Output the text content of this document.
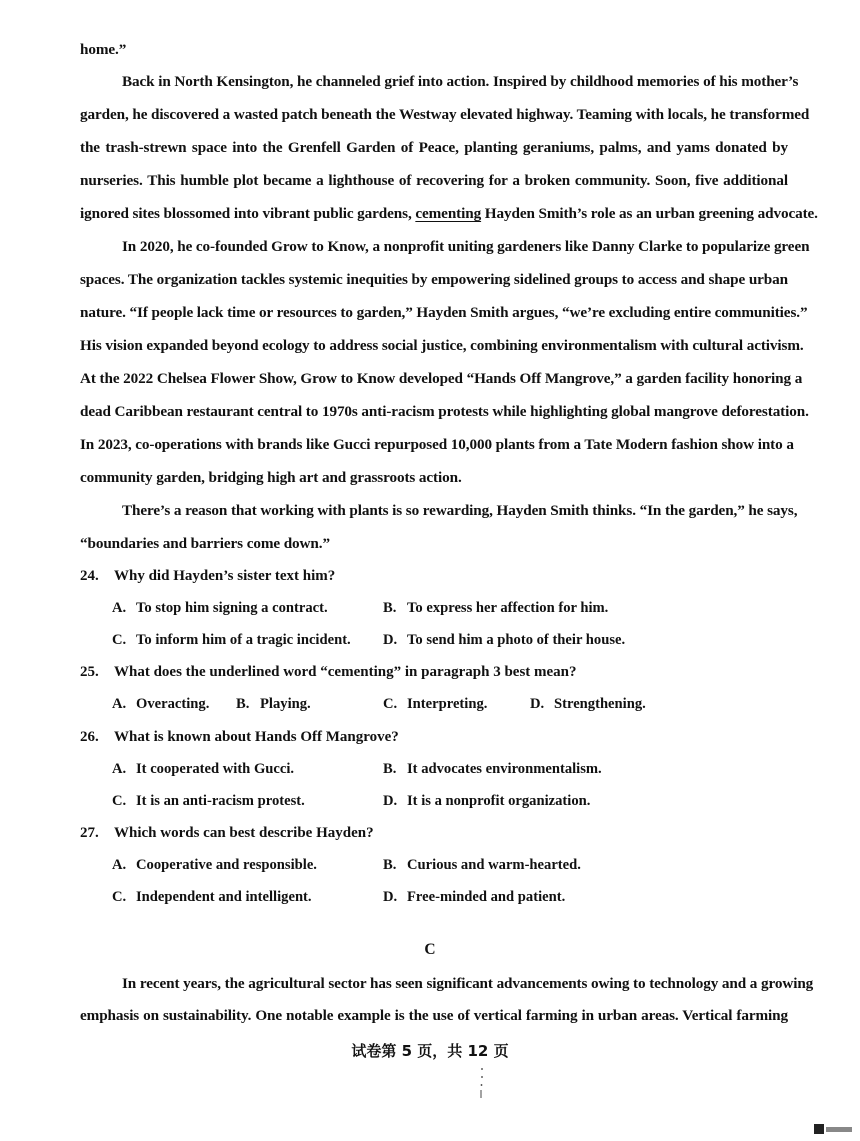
home.”
Back in North Kensington, he channeled grief into action. Inspired by childhood memories of his mother’s
garden, he discovered a wasted patch beneath the Westway elevated highway. Teaming with locals, he transformed
the trash-strewn space into the Grenfell Garden of Peace, planting geraniums, palms, and yams donated by
nurseries. This humble plot became a lighthouse of recovering for a broken community. Soon, five additional
ignored sites blossomed into vibrant public gardens, cementing Hayden Smith’s role as an urban greening advocate.
In 2020, he co-founded Grow to Know, a nonprofit uniting gardeners like Danny Clarke to popularize green
spaces. The organization tackles systemic inequities by empowering sidelined groups to access and shape urban
nature. “If people lack time or resources to garden,” Hayden Smith argues, “we’re excluding entire communities.”
His vision expanded beyond ecology to address social justice, combining environmentalism with cultural activism.
At the 2022 Chelsea Flower Show, Grow to Know developed “Hands Off Mangrove,” a garden facility honoring a
dead Caribbean restaurant central to 1970s anti-racism protests while highlighting global mangrove deforestation.
In 2023, co-operations with brands like Gucci repurposed 10,000 plants from a Tate Modern fashion show into a
community garden, bridging high art and grassroots action.
There’s a reason that working with plants is so rewarding, Hayden Smith thinks. “In the garden,” he says,
“boundaries and barriers come down.”
24. Why did Hayden’s sister text him?
A. To stop him signing a contract.	B. To express her affection for him.
C. To inform him of a tragic incident. D. To send him a photo of their house.
25. What does the underlined word “cementing” in paragraph 3 best mean?
A. Overacting. B. Playing.	C. Interpreting.	D. Strengthening.
26. What is known about Hands Off Mangrove?
A. It cooperated with Gucci.	B. It advocates environmentalism.
C. It is an anti-racism protest.	D. It is a nonprofit organization.
27. Which words can best describe Hayden?
A. Cooperative and responsible.	B. Curious and warm-hearted.
C. Independent and intelligent.	D. Free-minded and patient.
C
In recent years, the agricultural sector has seen significant advancements owing to technology and a growing
emphasis on sustainability. One notable example is the use of vertical farming in urban areas. Vertical farming
试卷第 5 页，共 12 页
